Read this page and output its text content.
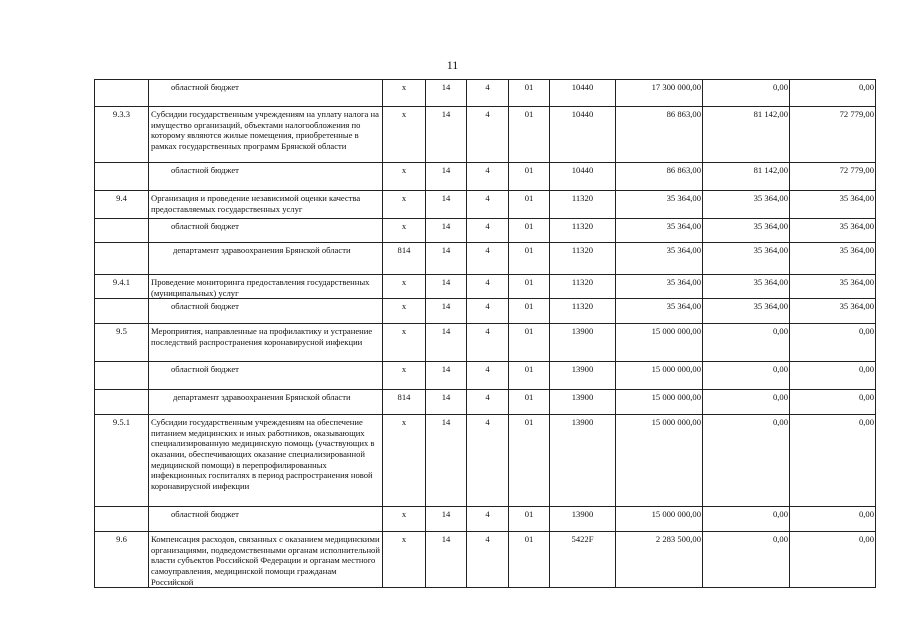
11
	областной бюджет	x	14	4	01	10440	17 300 000,00	0,00	0,00
9.3.3	Субсидии государственным учреждениям на уплату налога на имущество организаций, объектами налогообложения по которому являются жилые помещения, приобретенные в рамках государственных программ Брянской области	x	14	4	01	10440	86 863,00	81 142,00	72 779,00
	областной бюджет	x	14	4	01	10440	86 863,00	81 142,00	72 779,00
9.4	Организация и проведение независимой оценки качества предоставляемых государственных услуг	x	14	4	01	11320	35 364,00	35 364,00	35 364,00
	областной бюджет	x	14	4	01	11320	35 364,00	35 364,00	35 364,00
	департамент здравоохранения Брянской области	814	14	4	01	11320	35 364,00	35 364,00	35 364,00
9.4.1	Проведение мониторинга предоставления государственных (муниципальных) услуг	x	14	4	01	11320	35 364,00	35 364,00	35 364,00
	областной бюджет	x	14	4	01	11320	35 364,00	35 364,00	35 364,00
9.5	Мероприятия, направленные на профилактику и устранение последствий распространения коронавирусной инфекции	x	14	4	01	13900	15 000 000,00	0,00	0,00
	областной бюджет	x	14	4	01	13900	15 000 000,00	0,00	0,00
	департамент здравоохранения Брянской области	814	14	4	01	13900	15 000 000,00	0,00	0,00
9.5.1	Субсидии государственным учреждениям на обеспечение питанием медицинских и иных работников, оказывающих специализированную медицинскую помощь (участвующих в оказании, обеспечивающих оказание специализированной медицинской помощи) в перепрофилированных инфекционных госпиталях в период распространения новой коронавирусной инфекции	x	14	4	01	13900	15 000 000,00	0,00	0,00
	областной бюджет	x	14	4	01	13900	15 000 000,00	0,00	0,00
9.6	Компенсация расходов, связанных с оказанием медицинскими организациями, подведомственными органам исполнительной власти субъектов Российской Федерации и органам местного самоуправления, медицинской помощи гражданам Российской	x	14	4	01	5422F	2 283 500,00	0,00	0,00
